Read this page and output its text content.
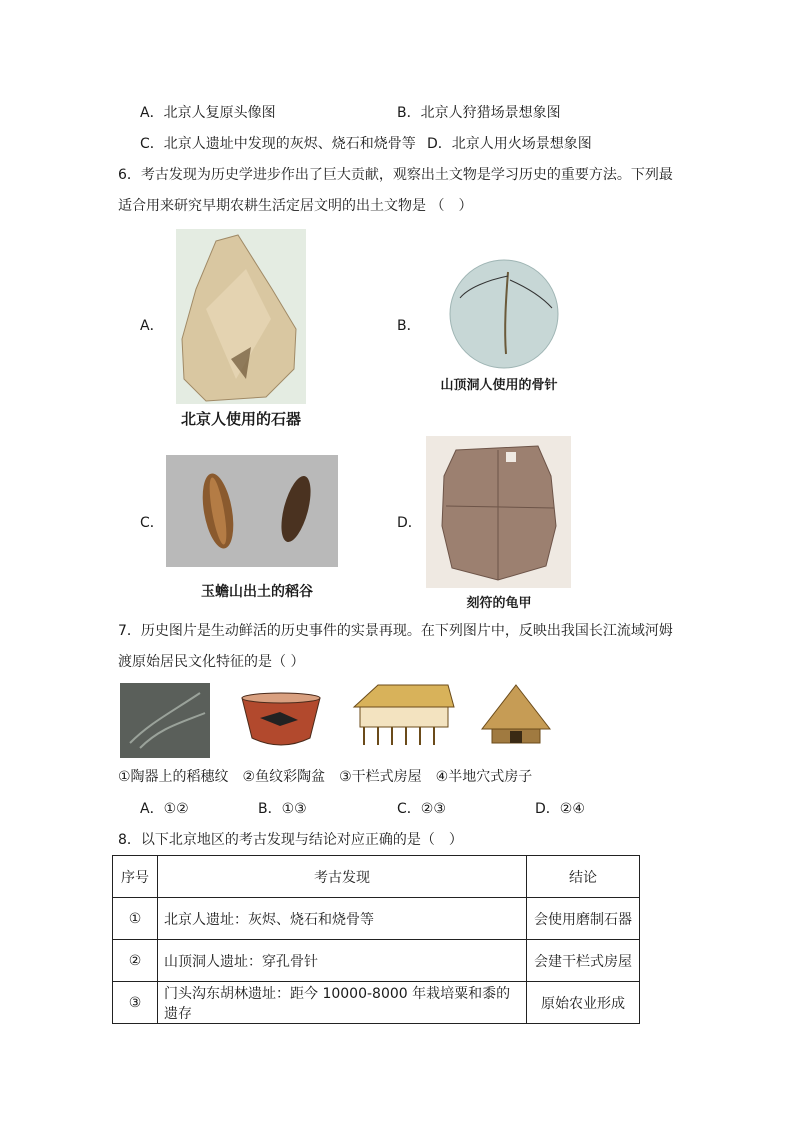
A．北京人复原头像图	B．北京人狩猎场景想象图
C．北京人遗址中发现的灰烬、烧石和烧骨等 D．北京人用火场景想象图
6．考古发现为历史学进步作出了巨大贡献，观察出土文物是学习历史的重要方法。下列最
适合用来研究早期农耕生活定居文明的出土文物是 （　）
A．
北京人使用的石器
B．
山顶洞人使用的骨针
C．
玉蟾山出土的稻谷
D．
刻符的龟甲
7．历史图片是生动鲜活的历史事件的实景再现。在下列图片中，反映出我国长江流域河姆
渡原始居民文化特征的是（ ）
①陶器上的稻穗纹　②鱼纹彩陶盆　③干栏式房屋　④半地穴式房子
A．①②	B．①③	C．②③	D．②④
8．以下北京地区的考古发现与结论对应正确的是（　）
序号	考古发现	结论
①	北京人遗址：灰烬、烧石和烧骨等	会使用磨制石器
②	山顶洞人遗址：穿孔骨针	会建干栏式房屋
③	门头沟东胡林遗址：距今 10000-8000 年栽培粟和黍的遗存	原始农业形成
